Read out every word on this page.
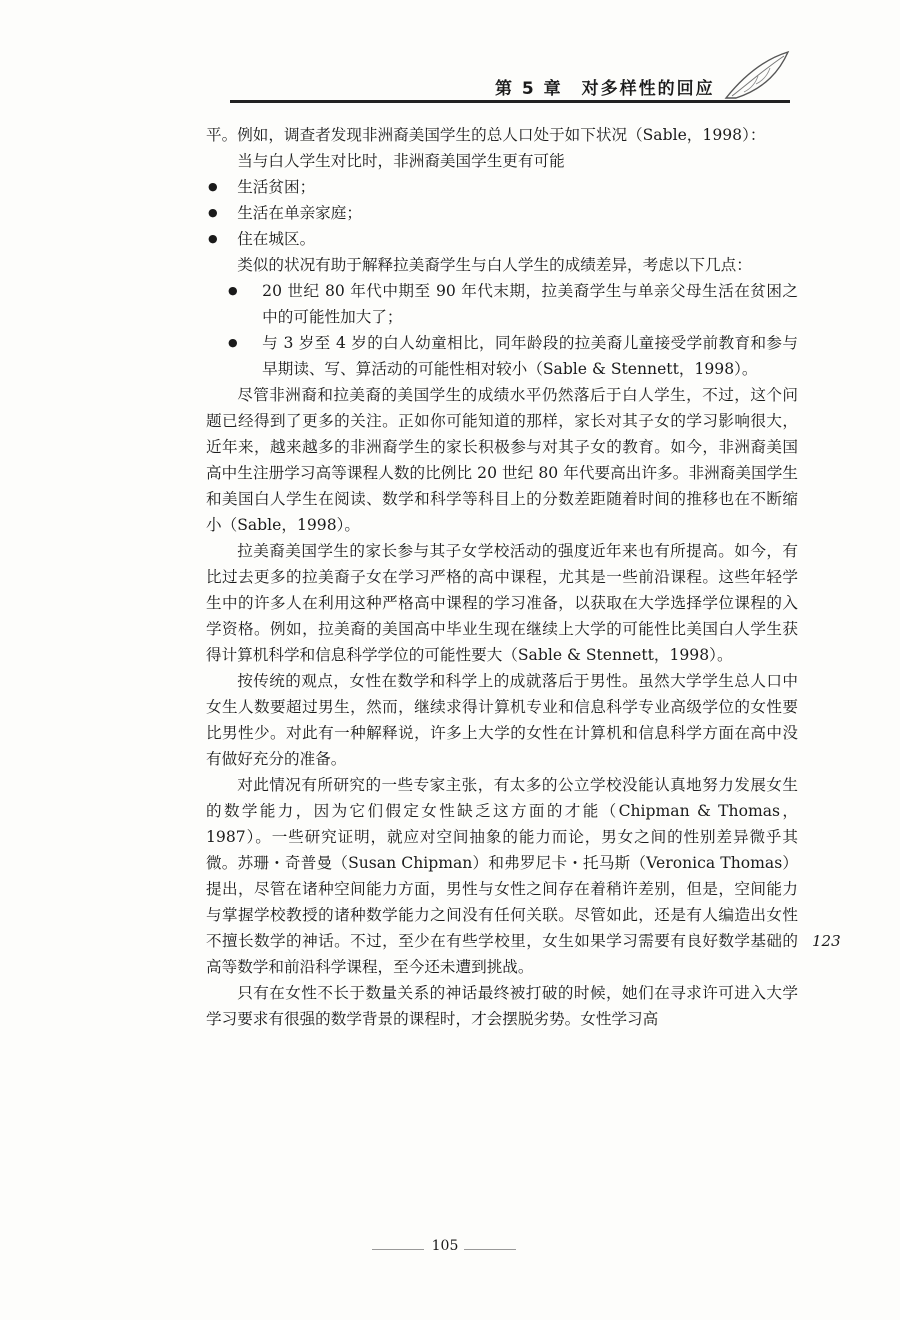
第 5 章　对多样性的回应

平。例如，调查者发现非洲裔美国学生的总人口处于如下状况（Sable，1998）：

当与白人学生对比时，非洲裔美国学生更有可能

● 生活贫困；
● 生活在单亲家庭；
● 住在城区。

类似的状况有助于解释拉美裔学生与白人学生的成绩差异，考虑以下几点：

● 20 世纪 80 年代中期至 90 年代末期，拉美裔学生与单亲父母生活在贫困之中的可能性加大了；
● 与 3 岁至 4 岁的白人幼童相比，同年龄段的拉美裔儿童接受学前教育和参与早期读、写、算活动的可能性相对较小（Sable & Stennett，1998）。

尽管非洲裔和拉美裔的美国学生的成绩水平仍然落后于白人学生，不过，这个问题已经得到了更多的关注。正如你可能知道的那样，家长对其子女的学习影响很大，近年来，越来越多的非洲裔学生的家长积极参与对其子女的教育。如今，非洲裔美国高中生注册学习高等课程人数的比例比 20 世纪 80 年代要高出许多。非洲裔美国学生和美国白人学生在阅读、数学和科学等科目上的分数差距随着时间的推移也在不断缩小（Sable，1998）。

拉美裔美国学生的家长参与其子女学校活动的强度近年来也有所提高。如今，有比过去更多的拉美裔子女在学习严格的高中课程，尤其是一些前沿课程。这些年轻学生中的许多人在利用这种严格高中课程的学习准备，以获取在大学选择学位课程的入学资格。例如，拉美裔的美国高中毕业生现在继续上大学的可能性比美国白人学生获得计算机科学和信息科学学位的可能性要大（Sable & Stennett，1998）。

按传统的观点，女性在数学和科学上的成就落后于男性。虽然大学学生总人口中女生人数要超过男生，然而，继续求得计算机专业和信息科学专业高级学位的女性要比男性少。对此有一种解释说，许多上大学的女性在计算机和信息科学方面在高中没有做好充分的准备。

对此情况有所研究的一些专家主张，有太多的公立学校没能认真地努力发展女生的数学能力，因为它们假定女性缺乏这方面的才能（Chipman & Thomas，1987）。一些研究证明，就应对空间抽象的能力而论，男女之间的性别差异微乎其微。苏珊・奇普曼（Susan Chipman）和弗罗尼卡・托马斯（Veronica Thomas）提出，尽管在诸种空间能力方面，男性与女性之间存在着稍许差别，但是，空间能力与掌握学校教授的诸种数学能力之间没有任何关联。尽管如此，还是有人编造出女性不擅长数学的神话。不过，至少在有些学校里，女生如果学习需要有良好数学基础的高等数学和前沿科学课程，至今还未遭到挑战。

只有在女性不长于数量关系的神话最终被打破的时候，她们在寻求许可进入大学学习要求有很强的数学背景的课程时，才会摆脱劣势。女性学习高

123
105
